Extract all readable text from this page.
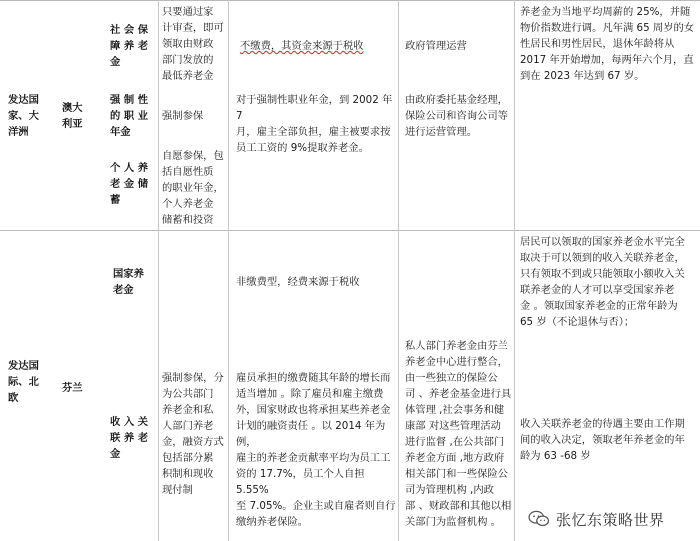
发达国
家、大
洋洲
澳大
利亚
社 会 保
障 养 老
金
只要通过家
计审查，即可
领取由财政
部门发放的
最低养老金
不缴费，其资金来源于税收	政府管理运营
强 制 性
的 职 业
年金
强制参保
对于强制性职业年金，到 2002 年 7
月，雇主全部负担，雇主被要求按
员工工资的 9%提取养老金。
由政府委托基金经理，
保险公司和咨询公司等
进行运营管理。
个 人 养
老 金 储
蓄
自愿参保，包
括自愿性质
的职业年金，
个人养老金
储蓄和投资
养老金为当地平均周薪的 25%，并随
物价指数进行调。凡年满 65 周岁的女
性居民和男性居民，退休年龄将从
2017 年开始增加，每两年六个月，直
到在 2023 年达到 67 岁。
发达国
际、北
欧
芬兰
国家养
老金
非缴费型，经费来源于税收
居民可以领取的国家养老金水平完全
取决于可以领到的收入关联养老金，
只有领取不到或只能领取小额收入关
联养老金的人才可以享受国家养老
金 。领取国家养老金的正常年龄为
65 岁（不论退休与否）；
收 入 关
联 养 老
金
强制参保，分
为公共部门
养老金和私
人部门养老
金，融资方式
包括部分累
积制和现收
现付制
雇员承担的缴费随其年龄的增长而
适当增加 。除了雇员和雇主缴费
外，国家财政也将承担某些养老金
计划的融资责任 。以 2014 年为例，
雇主的养老金贡献率平均为员工工
资的 17.7%，员工个人自担 5.55%
至 7.05%。企业主或自雇者则自行
缴纳养老保险。
私人部门养老金由芬兰
养老金中心进行整合，
由一些独立的保险公
司 、养老金基金进行具
体管理 ,社会事务和健
康部 对这些管理活动
进行监督 ,在公共部门
养老金方面 ,地方政府
相关部门和一些保险公
司为管理机构 ,内政
部 、财政部和其他以相
关部门为监督机构 。
收入关联养老金的待遇主要由工作期
间的收入决定，领取老年养老金的年
龄为 63 -68 岁
张忆东策略世界
